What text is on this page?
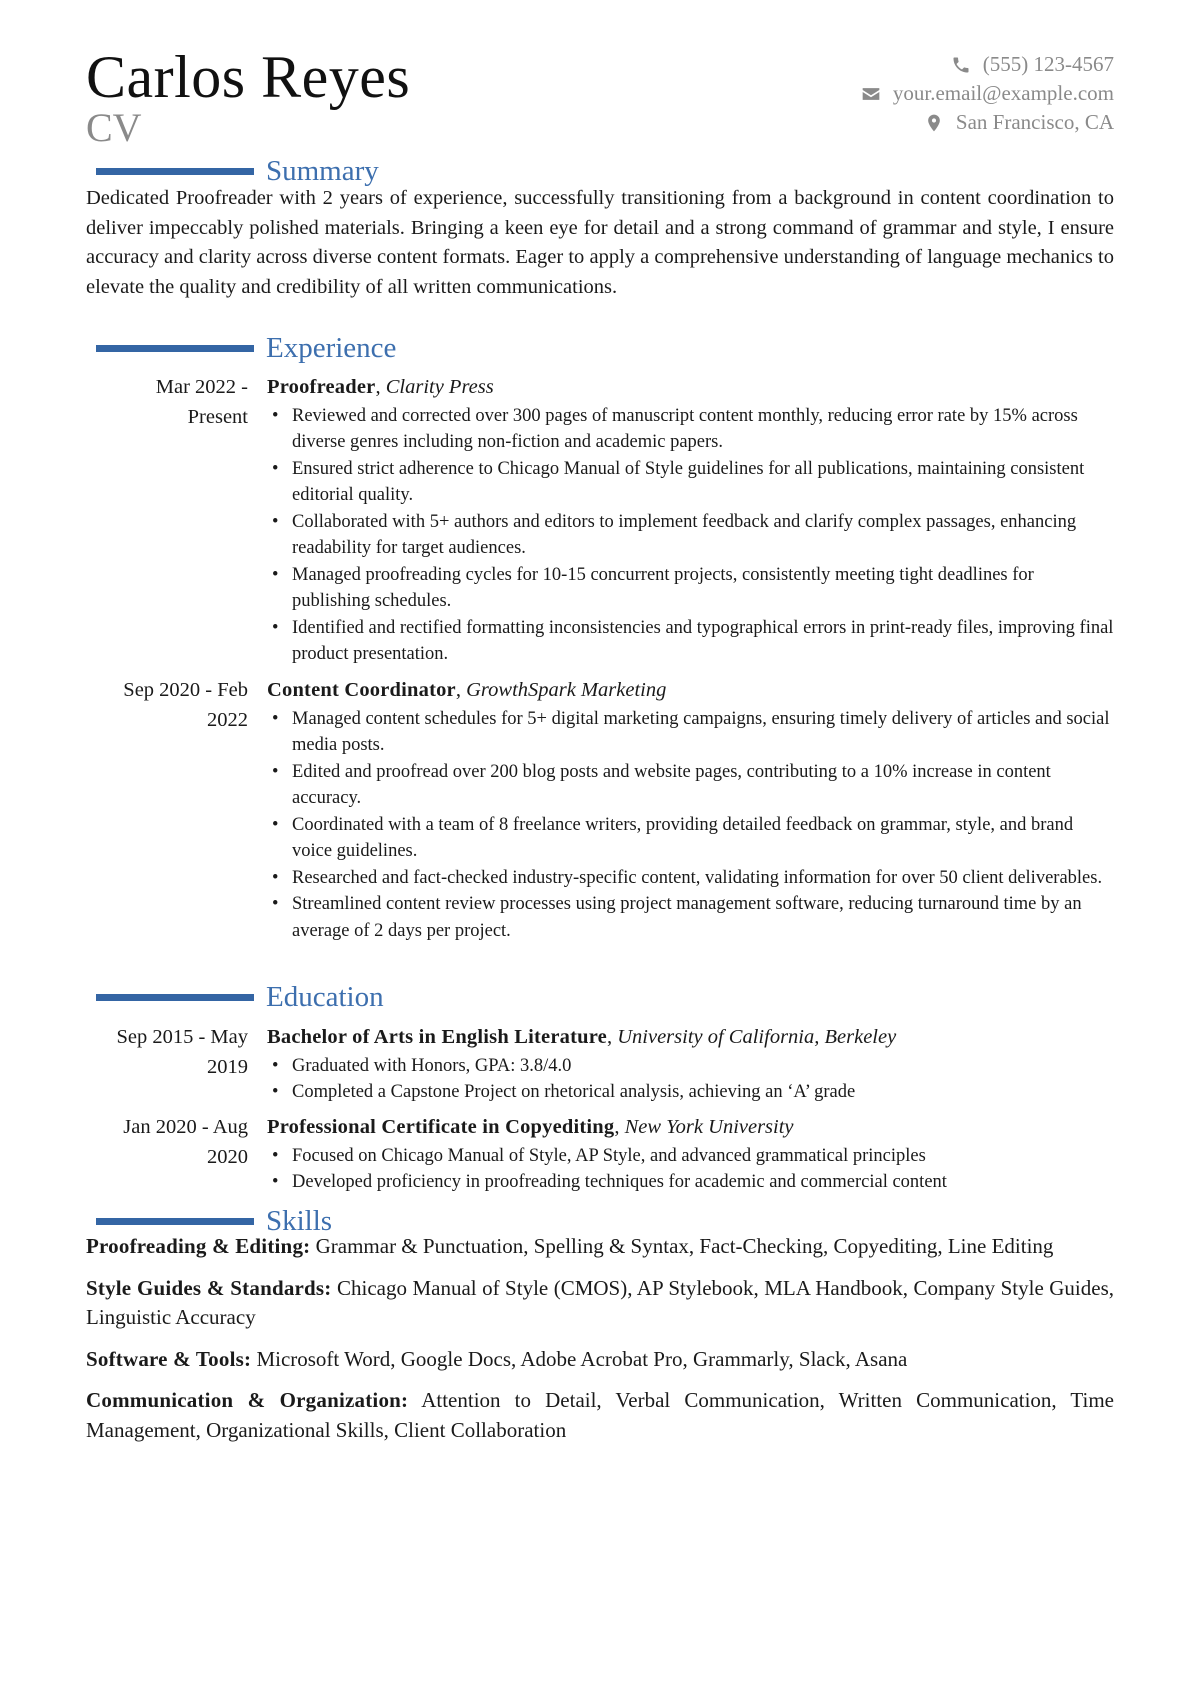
Carlos Reyes
CV
(555) 123-4567
your.email@example.com
San Francisco, CA
Summary
Dedicated Proofreader with 2 years of experience, successfully transitioning from a background in content coordination to deliver impeccably polished materials. Bringing a keen eye for detail and a strong command of grammar and style, I ensure accuracy and clarity across diverse content formats. Eager to apply a comprehensive understanding of language mechanics to elevate the quality and credibility of all written communications.
Experience
Mar 2022 -
Present
Proofreader, Clarity Press
• Reviewed and corrected over 300 pages of manuscript content monthly, reducing error rate by 15% across diverse genres including non-fiction and academic papers.
• Ensured strict adherence to Chicago Manual of Style guidelines for all publications, maintaining consistent editorial quality.
• Collaborated with 5+ authors and editors to implement feedback and clarify complex passages, enhancing readability for target audiences.
• Managed proofreading cycles for 10-15 concurrent projects, consistently meeting tight deadlines for publishing schedules.
• Identified and rectified formatting inconsistencies and typographical errors in print-ready files, improving final product presentation.
Sep 2020 - Feb
2022
Content Coordinator, GrowthSpark Marketing
• Managed content schedules for 5+ digital marketing campaigns, ensuring timely delivery of articles and social media posts.
• Edited and proofread over 200 blog posts and website pages, contributing to a 10% increase in content accuracy.
• Coordinated with a team of 8 freelance writers, providing detailed feedback on grammar, style, and brand voice guidelines.
• Researched and fact-checked industry-specific content, validating information for over 50 client deliverables.
• Streamlined content review processes using project management software, reducing turnaround time by an average of 2 days per project.
Education
Sep 2015 - May
2019
Bachelor of Arts in English Literature, University of California, Berkeley
• Graduated with Honors, GPA: 3.8/4.0
• Completed a Capstone Project on rhetorical analysis, achieving an ‘A’ grade
Jan 2020 - Aug
2020
Professional Certificate in Copyediting, New York University
• Focused on Chicago Manual of Style, AP Style, and advanced grammatical principles
• Developed proficiency in proofreading techniques for academic and commercial content
Skills
Proofreading & Editing: Grammar & Punctuation, Spelling & Syntax, Fact-Checking, Copyediting, Line Editing
Style Guides & Standards: Chicago Manual of Style (CMOS), AP Stylebook, MLA Handbook, Company Style Guides, Linguistic Accuracy
Software & Tools: Microsoft Word, Google Docs, Adobe Acrobat Pro, Grammarly, Slack, Asana
Communication & Organization: Attention to Detail, Verbal Communication, Written Communication, Time Management, Organizational Skills, Client Collaboration
